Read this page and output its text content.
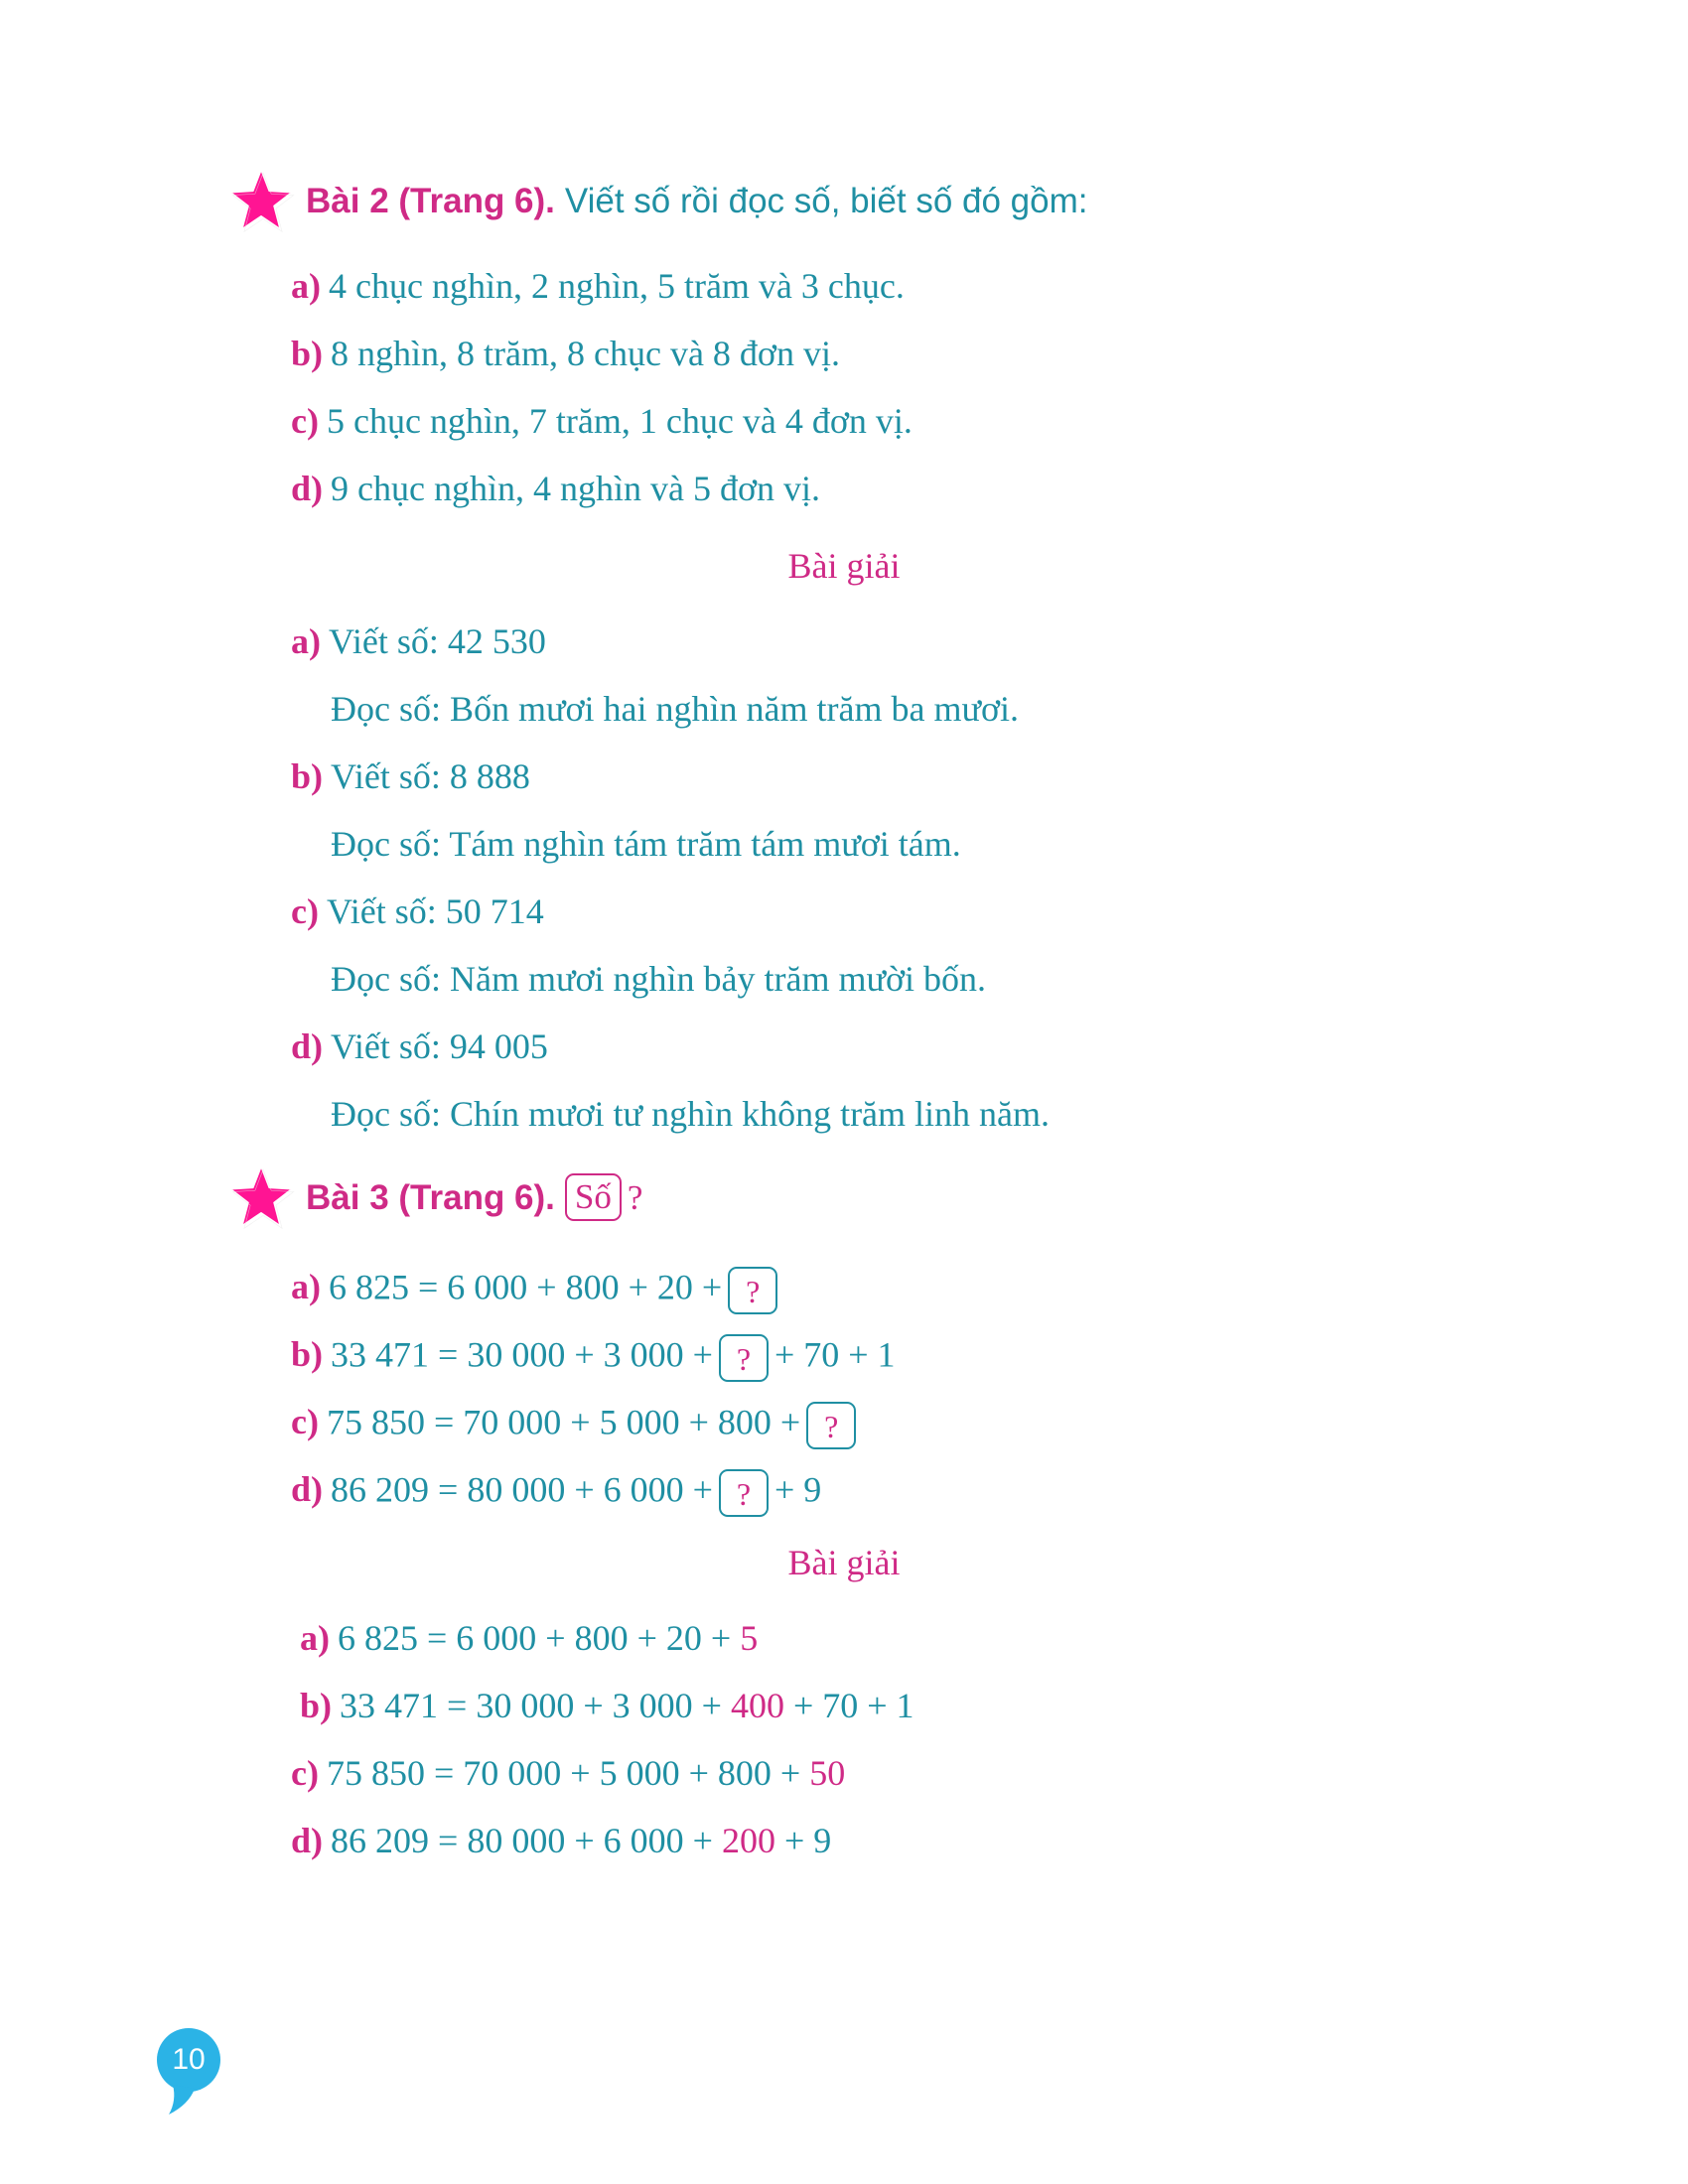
Bài 2 (Trang 6). Viết số rồi đọc số, biết số đó gồm:
a) 4 chục nghìn, 2 nghìn, 5 trăm và 3 chục.
b) 8 nghìn, 8 trăm, 8 chục và 8 đơn vị.
c) 5 chục nghìn, 7 trăm, 1 chục và 4 đơn vị.
d) 9 chục nghìn, 4 nghìn và 5 đơn vị.
Bài giải
a) Viết số: 42 530
Đọc số: Bốn mươi hai nghìn năm trăm ba mươi.
b) Viết số: 8 888
Đọc số: Tám nghìn tám trăm tám mươi tám.
c) Viết số: 50 714
Đọc số: Năm mươi nghìn bảy trăm mười bốn.
d) Viết số: 94 005
Đọc số: Chín mươi tư nghìn không trăm linh năm.
Bài 3 (Trang 6). Số ?
a) 6 825 = 6 000 + 800 + 20 + ?
b) 33 471 = 30 000 + 3 000 + ? + 70 + 1
c) 75 850 = 70 000 + 5 000 + 800 + ?
d) 86 209 = 80 000 + 6 000 + ? + 9
Bài giải
a) 6 825 = 6 000 + 800 + 20 + 5
b) 33 471 = 30 000 + 3 000 + 400 + 70 + 1
c) 75 850 = 70 000 + 5 000 + 800 + 50
d) 86 209 = 80 000 + 6 000 + 200 + 9
10
